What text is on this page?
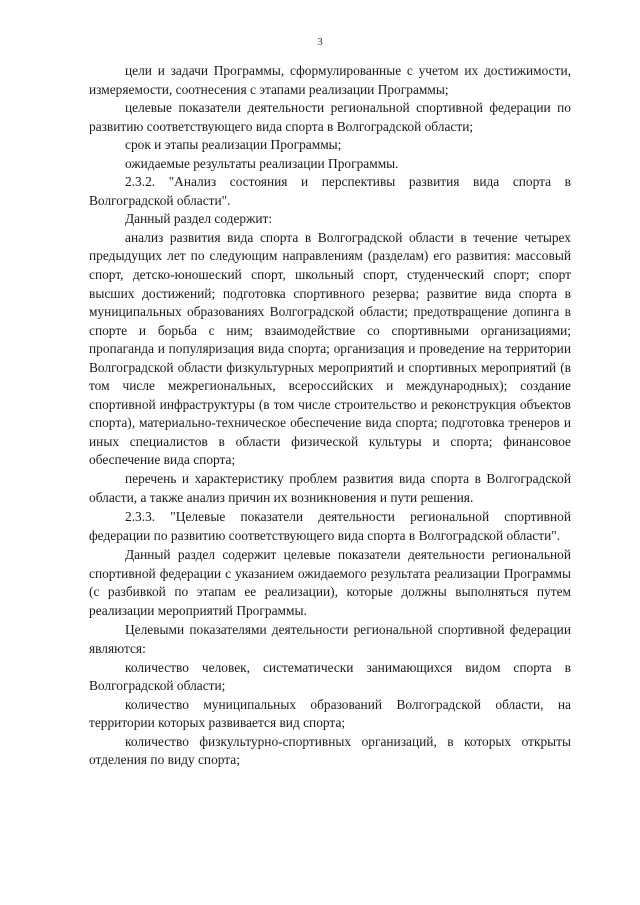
3

цели и задачи Программы, сформулированные с учетом их достижимости, измеряемости, соотнесения с этапами реализации Программы;

целевые показатели деятельности региональной спортивной федерации по развитию соответствующего вида спорта в Волгоградской области;

срок и этапы реализации Программы;

ожидаемые результаты реализации Программы.

2.3.2. "Анализ состояния и перспективы развития вида спорта в Волгоградской области".

Данный раздел содержит:

анализ развития вида спорта в Волгоградской области в течение четырех предыдущих лет по следующим направлениям (разделам) его развития: массовый спорт, детско-юношеский спорт, школьный спорт, студенческий спорт; спорт высших достижений; подготовка спортивного резерва; развитие вида спорта в муниципальных образованиях Волгоградской области; предотвращение допинга в спорте и борьба с ним; взаимодействие со спортивными организациями; пропаганда и популяризация вида спорта; организация и проведение на территории Волгоградской области физкультурных мероприятий и спортивных мероприятий (в том числе межрегиональных, всероссийских и международных); создание спортивной инфраструктуры (в том числе строительство и реконструкция объектов спорта), материально-техническое обеспечение вида спорта; подготовка тренеров и иных специалистов в области физической культуры и спорта; финансовое обеспечение вида спорта;

перечень и характеристику проблем развития вида спорта в Волгоградской области, а также анализ причин их возникновения и пути решения.

2.3.3. "Целевые показатели деятельности региональной спортивной федерации по развитию соответствующего вида спорта в Волгоградской области".

Данный раздел содержит целевые показатели деятельности региональной спортивной федерации с указанием ожидаемого результата реализации Программы (с разбивкой по этапам ее реализации), которые должны выполняться путем реализации мероприятий Программы.

Целевыми показателями деятельности региональной спортивной федерации являются:

количество человек, систематически занимающихся видом спорта в Волгоградской области;

количество муниципальных образований Волгоградской области, на территории которых развивается вид спорта;

количество физкультурно-спортивных организаций, в которых открыты отделения по виду спорта;
